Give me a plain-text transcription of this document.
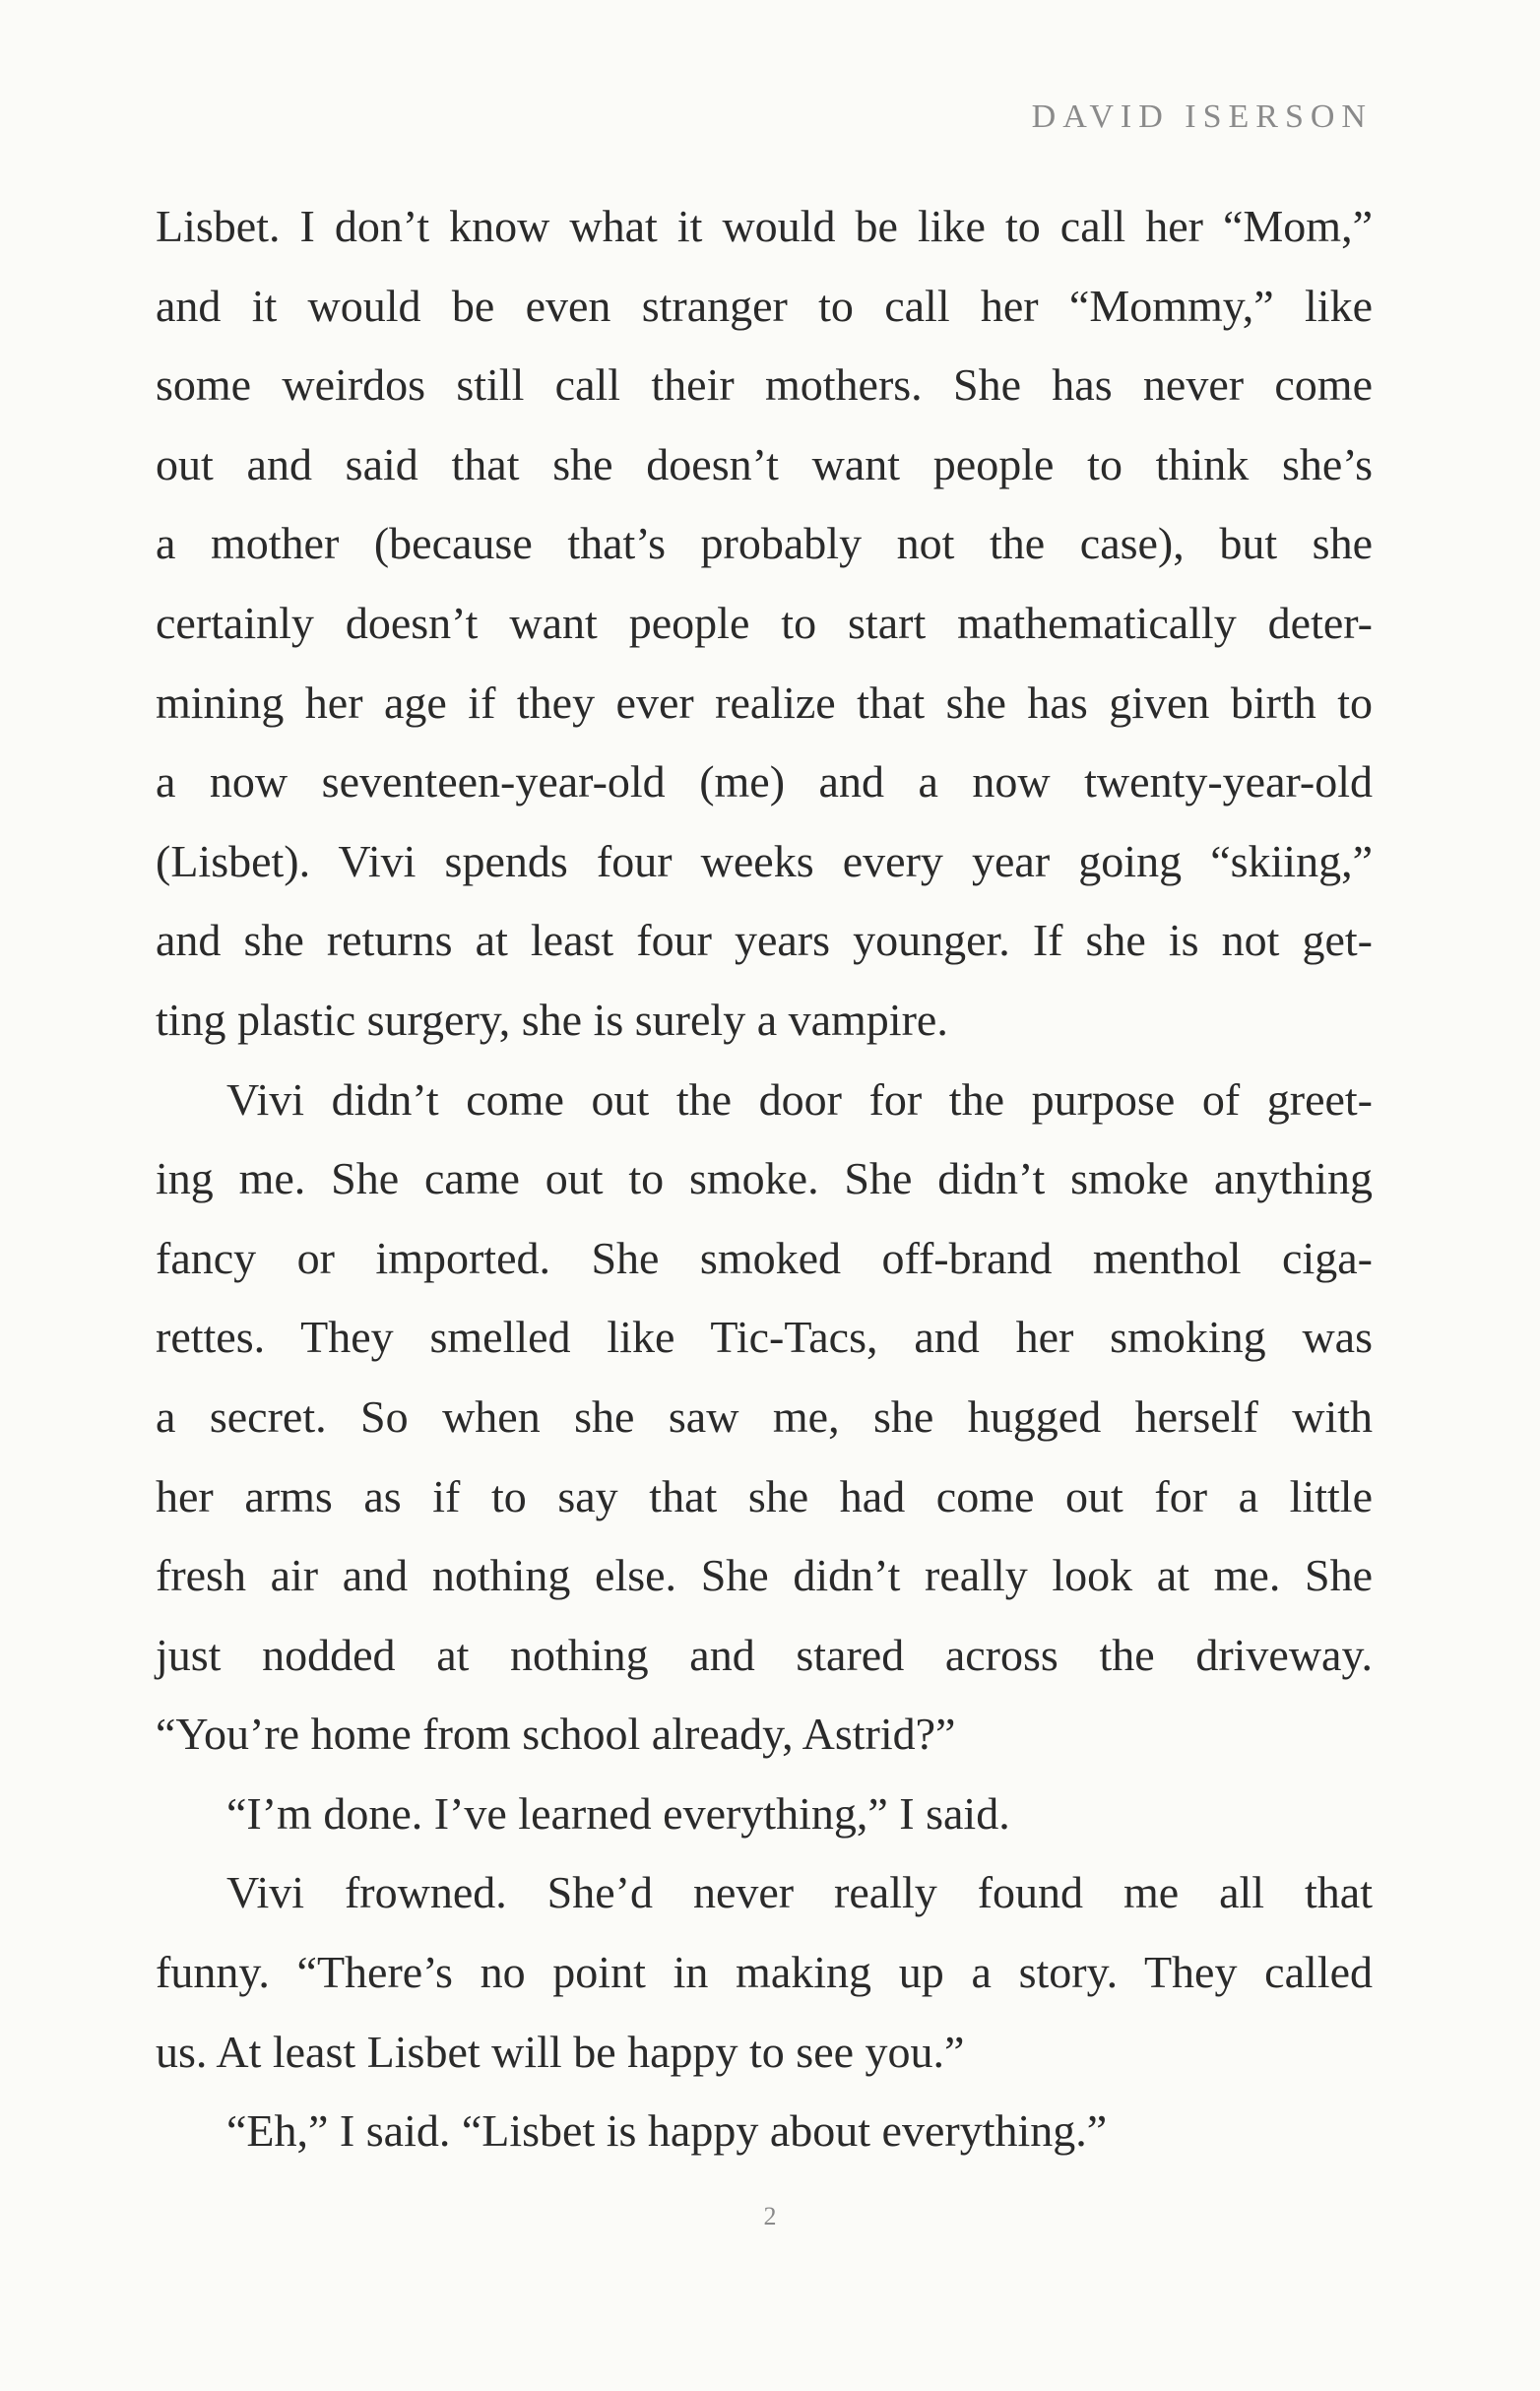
DAVID ISERSON
Lisbet. I don’t know what it would be like to call her “Mom,”
and it would be even stranger to call her “Mommy,” like
some weirdos still call their mothers. She has never come
out and said that she doesn’t want people to think she’s
a mother (because that’s probably not the case), but she
certainly doesn’t want people to start mathematically deter-
mining her age if they ever realize that she has given birth to
a now seventeen-year-old (me) and a now twenty-year-old
(Lisbet). Vivi spends four weeks every year going “skiing,”
and she returns at least four years younger. If she is not get-
ting plastic surgery, she is surely a vampire.
Vivi didn’t come out the door for the purpose of greet-
ing me. She came out to smoke. She didn’t smoke anything
fancy or imported. She smoked off-brand menthol ciga-
rettes. They smelled like Tic-Tacs, and her smoking was
a secret. So when she saw me, she hugged herself with
her arms as if to say that she had come out for a little
fresh air and nothing else. She didn’t really look at me. She
just nodded at nothing and stared across the driveway.
“You’re home from school already, Astrid?”
“I’m done. I’ve learned everything,” I said.
Vivi frowned. She’d never really found me all that
funny. “There’s no point in making up a story. They called
us. At least Lisbet will be happy to see you.”
“Eh,” I said. “Lisbet is happy about everything.”
2
